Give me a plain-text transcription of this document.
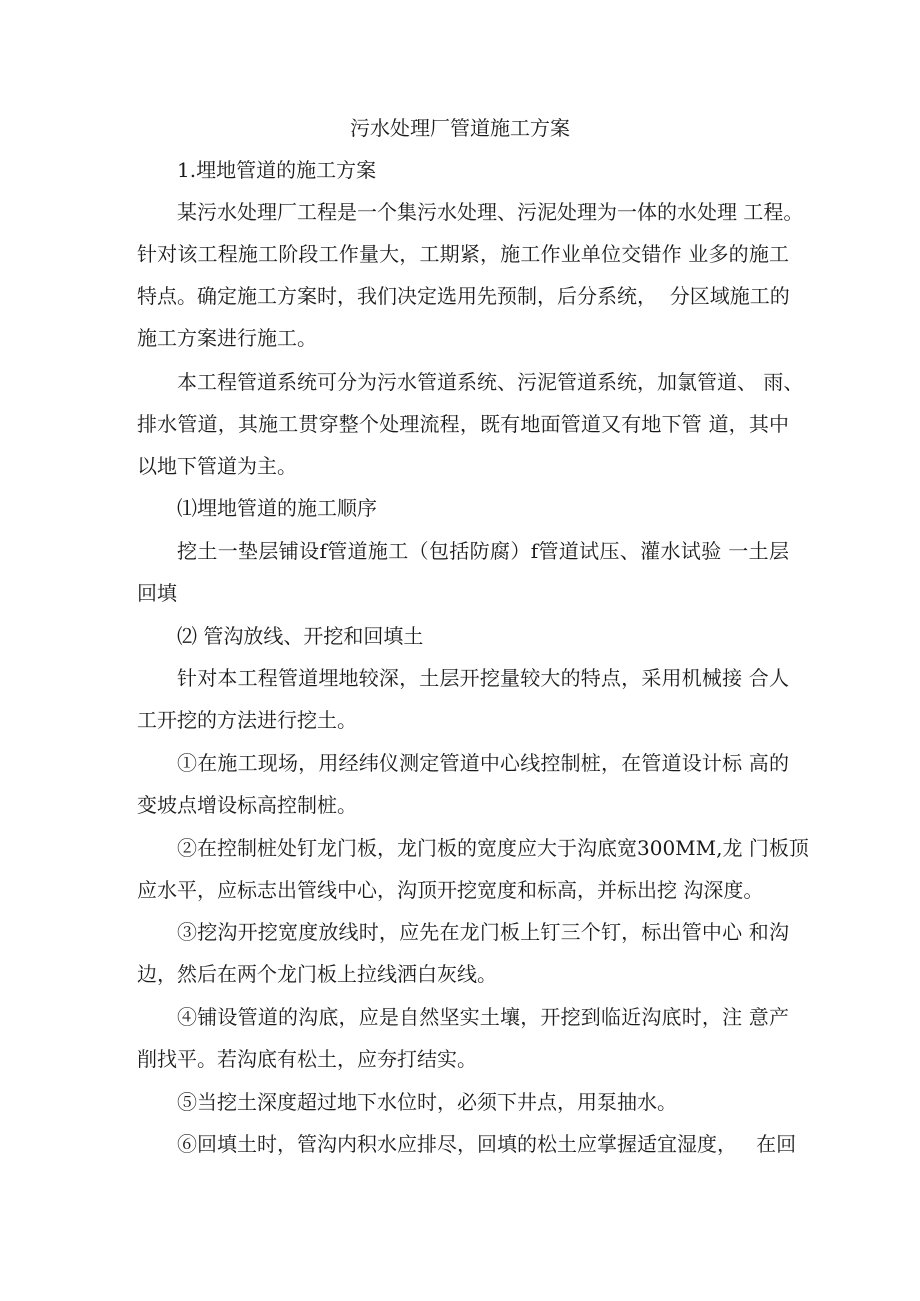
污水处理厂管道施工方案
1.埋地管道的施工方案
某污水处理厂工程是一个集污水处理、污泥处理为一体的水处理 工程。
针对该工程施工阶段工作量大，工期紧，施工作业单位交错作 业多的施工
特点。确定施工方案时，我们决定选用先预制，后分系统，  分区域施工的
施工方案进行施工。
本工程管道系统可分为污水管道系统、污泥管道系统，加氯管道、 雨、
排水管道，其施工贯穿整个处理流程，既有地面管道又有地下管 道，其中
以地下管道为主。
⑴埋地管道的施工顺序
挖土一垫层铺设f管道施工（包括防腐）f管道试压、灌水试验 一土层
回填
⑵ 管沟放线、开挖和回填土
针对本工程管道埋地较深，土层开挖量较大的特点，采用机械接 合人
工开挖的方法进行挖土。
①在施工现场，用经纬仪测定管道中心线控制桩，在管道设计标 高的
变坡点增设标高控制桩。
②在控制桩处钉龙门板，龙门板的宽度应大于沟底宽300MM,龙 门板顶
应水平，应标志出管线中心，沟顶开挖宽度和标高，并标出挖 沟深度。
③挖沟开挖宽度放线时，应先在龙门板上钉三个钉，标出管中心 和沟
边，然后在两个龙门板上拉线洒白灰线。
④铺设管道的沟底，应是自然坚实土壤，开挖到临近沟底时，注 意产
削找平。若沟底有松土，应夯打结实。
⑤当挖土深度超过地下水位时，必须下井点，用泵抽水。
⑥回填土时，管沟内积水应排尽，回填的松土应掌握适宜湿度，   在回
